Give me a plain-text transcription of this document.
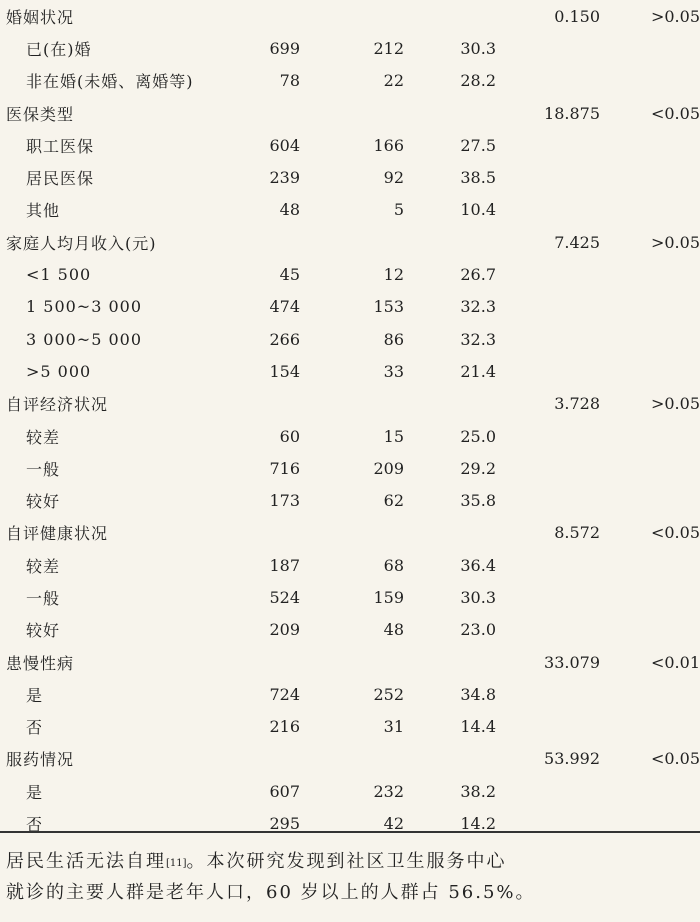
婚姻状况				0.150	>0.05
已(在)婚	699	212	30.3		
非在婚(未婚、离婚等)	78	22	28.2		
医保类型				18.875	<0.05
职工医保	604	166	27.5		
居民医保	239	92	38.5		
其他	48	5	10.4		
家庭人均月收入(元)				7.425	>0.05
<1 500	45	12	26.7		
1 500~3 000	474	153	32.3		
3 000~5 000	266	86	32.3		
>5 000	154	33	21.4		
自评经济状况				3.728	>0.05
较差	60	15	25.0		
一般	716	209	29.2		
较好	173	62	35.8		
自评健康状况				8.572	<0.05
较差	187	68	36.4		
一般	524	159	30.3		
较好	209	48	23.0		
患慢性病				33.079	<0.01
是	724	252	34.8		
否	216	31	14.4		
服药情况				53.992	<0.05
是	607	232	38.2		
否	295	42	14.2		

居民生活无法自理[11]。本次研究发现到社区卫生服务中心

就诊的主要人群是老年人口，60 岁以上的人群占 56.5%。
